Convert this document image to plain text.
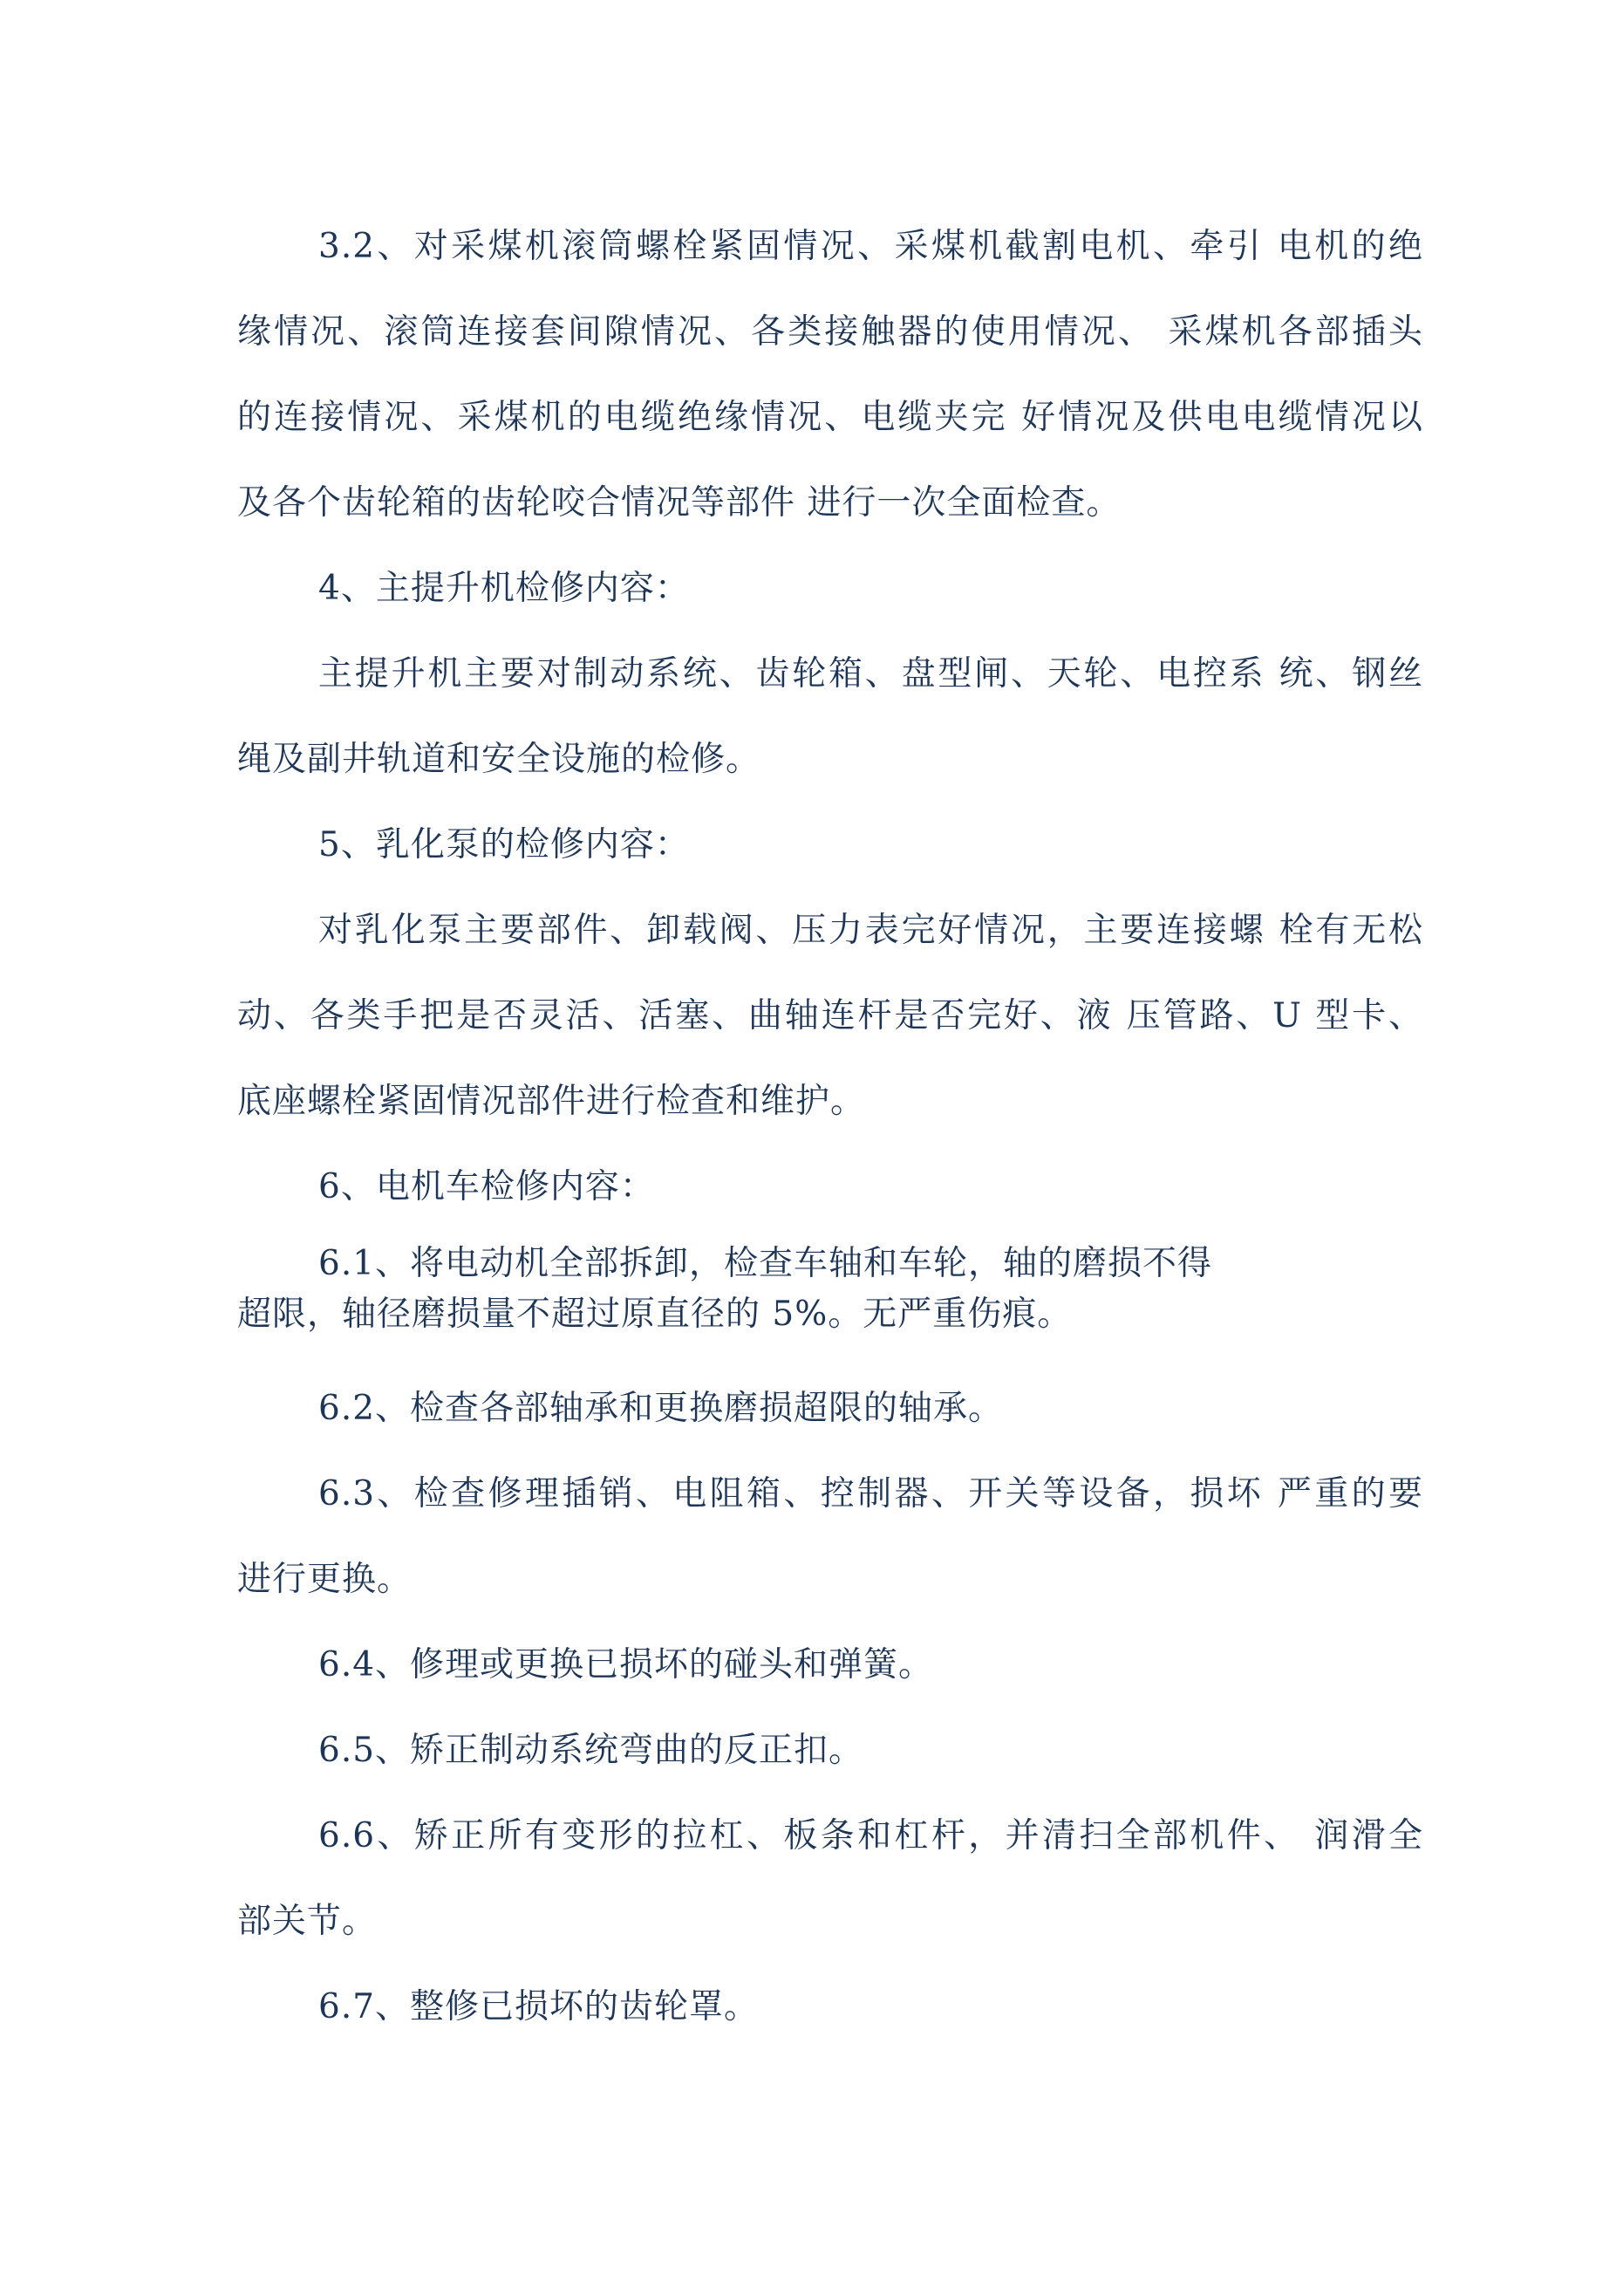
3.2、对采煤机滚筒螺栓紧固情况、采煤机截割电机、牵引 电机的绝
缘情况、滚筒连接套间隙情况、各类接触器的使用情况、 采煤机各部插头
的连接情况、采煤机的电缆绝缘情况、电缆夹完 好情况及供电电缆情况以
及各个齿轮箱的齿轮咬合情况等部件 进行一次全面检查。
4、主提升机检修内容：
主提升机主要对制动系统、齿轮箱、盘型闸、天轮、电控系 统、钢丝
绳及副井轨道和安全设施的检修。
5、乳化泵的检修内容：
对乳化泵主要部件、卸载阀、压力表完好情况，主要连接螺 栓有无松
动、各类手把是否灵活、活塞、曲轴连杆是否完好、液 压管路、U 型卡、
底座螺栓紧固情况部件进行检查和维护。
6、电机车检修内容：
6.1、将电动机全部拆卸，检查车轴和车轮，轴的磨损不得
超限，轴径磨损量不超过原直径的 5%。无严重伤痕。
6.2、检查各部轴承和更换磨损超限的轴承。
6.3、检查修理插销、电阻箱、控制器、开关等设备，损坏 严重的要
进行更换。
6.4、修理或更换已损坏的碰头和弹簧。
6.5、矫正制动系统弯曲的反正扣。
6.6、矫正所有变形的拉杠、板条和杠杆，并清扫全部机件、 润滑全
部关节。
6.7、整修已损坏的齿轮罩。
